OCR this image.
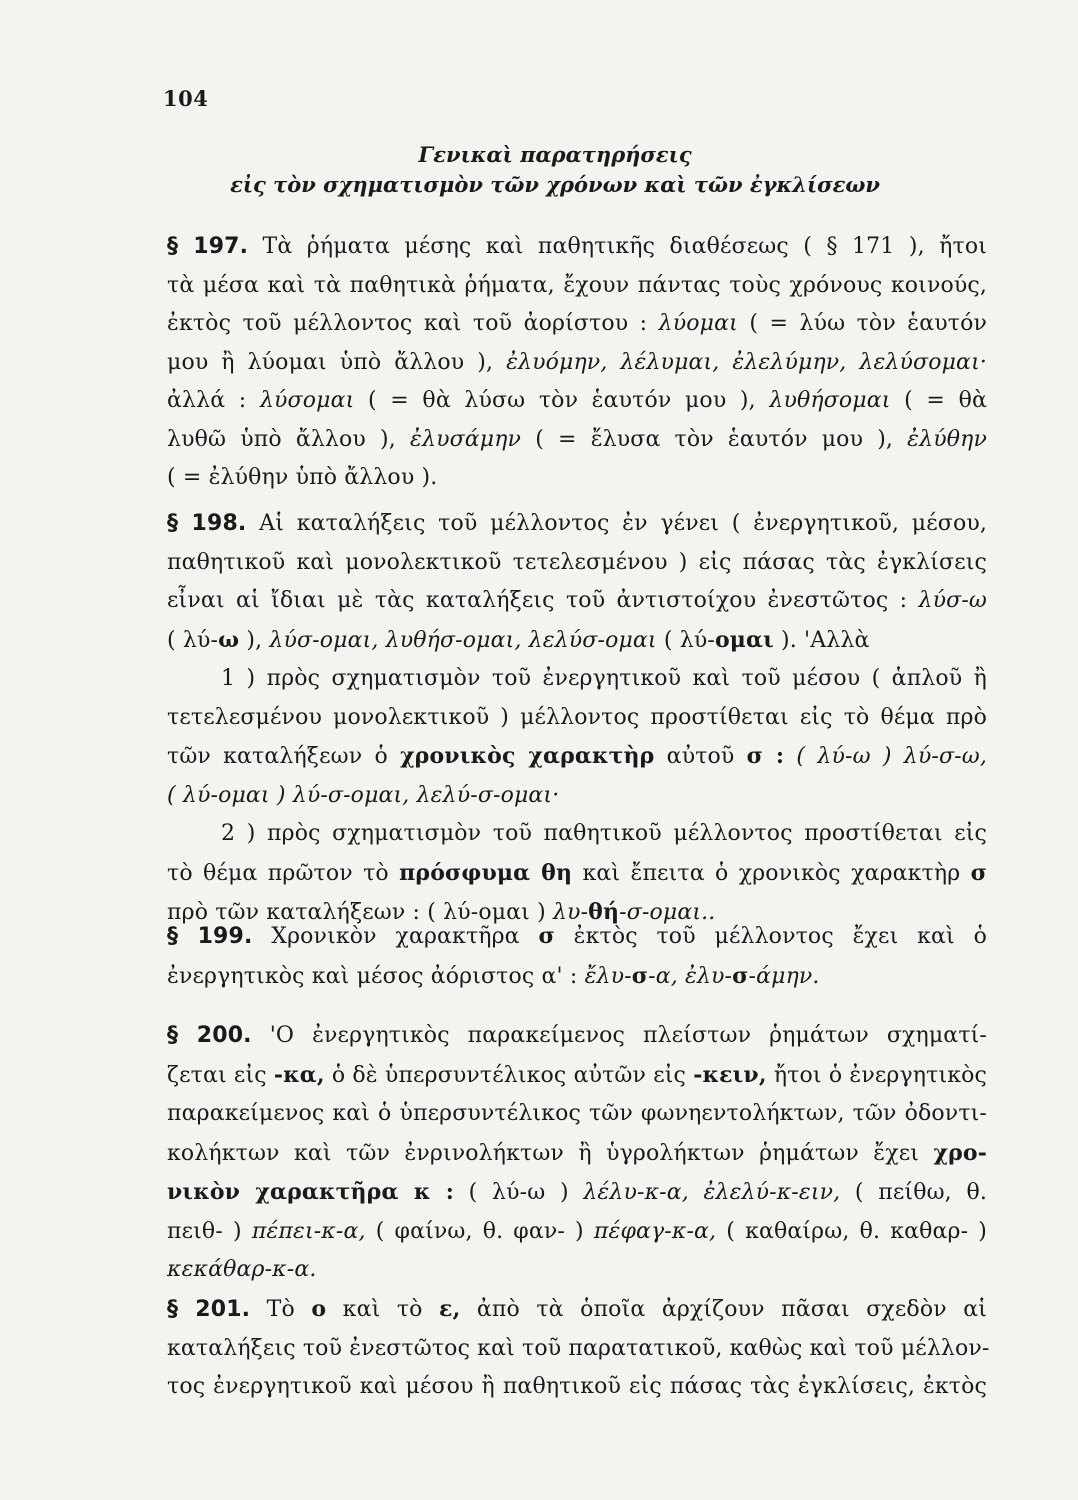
104
Γενικαὶ παρατηρήσεις
εἰς τὸν σχηματισμὸν τῶν χρόνων καὶ τῶν ἐγκλίσεων
§ 197. Τὰ ῥήματα μέσης καὶ παθητικῆς διαθέσεως ( § 171 ), ἤτοι
τὰ μέσα καὶ τὰ παθητικὰ ῥήματα, ἔχουν πάντας τοὺς χρόνους κοινούς,
ἐκτὸς τοῦ μέλλοντος καὶ τοῦ ἀορίστου : λύομαι ( = λύω τὸν ἑαυτόν
μου ἢ λύομαι ὑπὸ ἄλλου ), ἐλυόμην, λέλυμαι, ἐλελύμην, λελύσομαι·
ἀλλά : λύσομαι ( = θὰ λύσω τὸν ἑαυτόν μου ), λυθήσομαι ( = θὰ
λυθῶ ὑπὸ ἄλλου ), ἐλυσάμην ( = ἔλυσα τὸν ἑαυτόν μου ), ἐλύθην
( = ἐλύθην ὑπὸ ἄλλου ).
§ 198. Αἱ καταλήξεις τοῦ μέλλοντος ἐν γένει ( ἐνεργητικοῦ, μέσου,
παθητικοῦ καὶ μονολεκτικοῦ τετελεσμένου ) εἰς πάσας τὰς ἐγκλίσεις
εἶναι αἱ ἴδιαι μὲ τὰς καταλήξεις τοῦ ἀντιστοίχου ἐνεστῶτος : λύσ-ω
( λύ-ω ), λύσ-ομαι, λυθήσ-ομαι, λελύσ-ομαι ( λύ-ομαι ). 'Αλλὰ
1 ) πρὸς σχηματισμὸν τοῦ ἐνεργητικοῦ καὶ τοῦ μέσου ( ἁπλοῦ ἢ
τετελεσμένου μονολεκτικοῦ ) μέλλοντος προστίθεται εἰς τὸ θέμα πρὸ
τῶν καταλήξεων ὁ χρονικὸς χαρακτὴρ αὐτοῦ σ : ( λύ-ω ) λύ-σ-ω,
( λύ-ομαι ) λύ-σ-ομαι, λελύ-σ-ομαι·
2 ) πρὸς σχηματισμὸν τοῦ παθητικοῦ μέλλοντος προστίθεται εἰς
τὸ θέμα πρῶτον τὸ πρόσφυμα θη καὶ ἔπειτα ὁ χρονικὸς χαρακτὴρ σ
πρὸ τῶν καταλήξεων : ( λύ-ομαι ) λυ-θή-σ-ομαι..
§ 199. Χρονικὸν χαρακτῆρα σ ἐκτὸς τοῦ μέλλοντος ἔχει καὶ ὁ
ἐνεργητικὸς καὶ μέσος ἀόριστος α' : ἔλυ-σ-α, ἐλυ-σ-άμην.
§ 200. 'Ο ἐνεργητικὸς παρακείμενος πλείστων ῥημάτων σχηματί-
ζεται εἰς -κα, ὁ δὲ ὑπερσυντέλικος αὐτῶν εἰς -κειν, ἤτοι ὁ ἐνεργητικὸς
παρακείμενος καὶ ὁ ὑπερσυντέλικος τῶν φωνηεντολήκτων, τῶν ὀδοντι-
κολήκτων καὶ τῶν ἐνρινολήκτων ἢ ὑγρολήκτων ῥημάτων ἔχει χρο-
νικὸν χαρακτῆρα κ : ( λύ-ω ) λέλυ-κ-α, ἐλελύ-κ-ειν, ( πείθω, θ.
πειθ- ) πέπει-κ-α, ( φαίνω, θ. φαν- ) πέφαγ-κ-α, ( καθαίρω, θ. καθαρ- )
κεκάθαρ-κ-α.
§ 201. Τὸ ο καὶ τὸ ε, ἀπὸ τὰ ὁποῖα ἀρχίζουν πᾶσαι σχεδὸν αἱ
καταλήξεις τοῦ ἐνεστῶτος καὶ τοῦ παρατατικοῦ, καθὼς καὶ τοῦ μέλλον-
τος ἐνεργητικοῦ καὶ μέσου ἢ παθητικοῦ εἰς πάσας τὰς ἐγκλίσεις, ἐκτὸς
